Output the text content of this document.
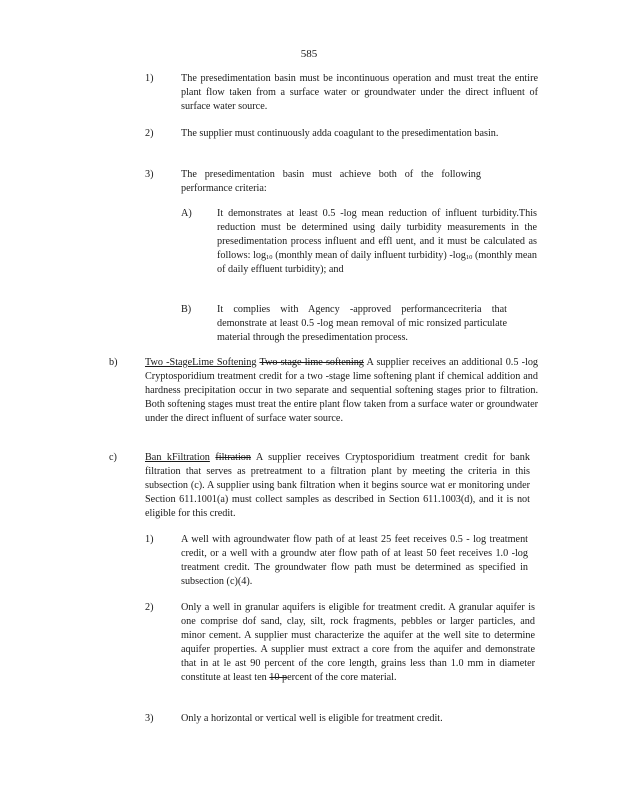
585
1)	The presedimentation basin must be incontinuous operation and must treat the entire plant flow taken from a surface water or groundwater under the direct influent of surface water source.
2)	The supplier must continuously adda coagulant to the presedimentation basin.
3)	The presedimentation basin must achieve both of the following performance criteria:
A) It demonstrates at least 0.5 -log mean reduction of influent turbidity.This reduction must be determined using daily turbidity measurements in the presedimentation process influent and effl uent, and it must be calculated as follows: $\log_{10}$ (monthly mean of daily influent turbidity) $-\log_{10}$ (monthly mean of daily effluent turbidity); and
B)	It complies with Agency -approved performancecriteria that demonstrate at least 0.5 -log mean removal of mic ronsized particulate material through the presedimentation process.
b)	Two -StageLime Softening Two stage lime softening A supplier receives an additional 0.5 -log Cryptosporidium treatment credit for a two -stage lime softening plant if chemical addition and hardness precipitation occur in two separate and sequential softening stages prior to filtration. Both softening stages must treat the entire plant flow taken from a surface water or groundwater under the direct influent of surface water source.
c)	Ban kFiltration filtration A supplier receives Cryptosporidium treatment credit for bank filtration that serves as pretreatment to a filtration plant by meeting the criteria in this subsection (c). A supplier using bank filtration when it begins source wat er monitoring under Section 611.1001(a) must collect samples as described in Section 611.1003(d), and it is not eligible for this credit.
1)	A well with agroundwater flow path of at least 25 feet receives 0.5 - log treatment credit, or a well with a groundw ater flow path of at least 50 feet receives 1.0 -log treatment credit. The groundwater flow path must be determined as specified in subsection (c)(4).
2)	Only a well in granular aquifers is eligible for treatment credit. A granular aquifer is one comprise dof sand, clay, silt, rock fragments, pebbles or larger particles, and minor cement. A supplier must characterize the aquifer at the well site to determine aquifer properties. A supplier must extract a core from the aquifer and demonstrate that in at le ast 90 percent of the core length, grains less than 1.0 mm in diameter constitute at least ten 10 percent of the core material.
3)	Only a horizontal or vertical well is eligible for treatment credit.
